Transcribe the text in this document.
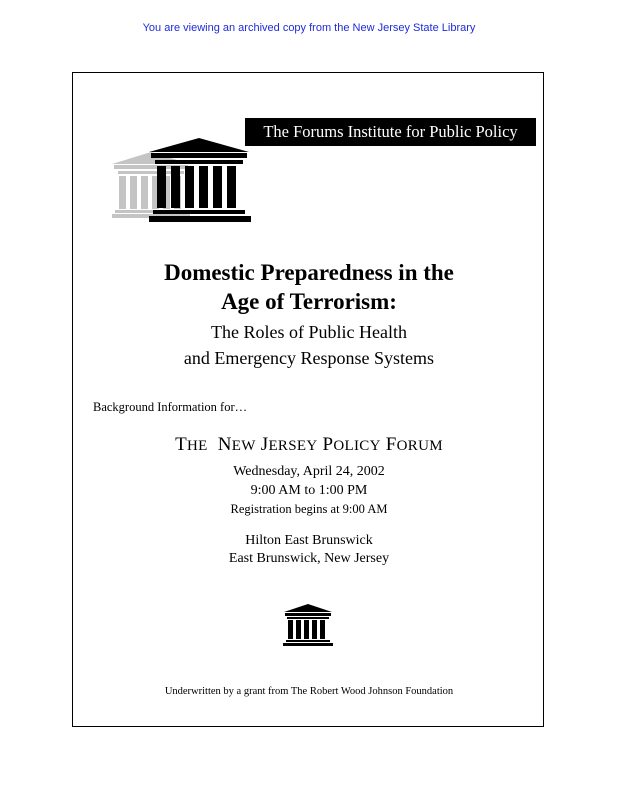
You are viewing an archived copy from the New Jersey State Library
The Forums Institute for Public Policy
Domestic Preparedness in the
Age of Terrorism:
The Roles of Public Health
and Emergency Response Systems
Background Information for…
THE NEW JERSEY POLICY FORUM
Wednesday, April 24, 2002
9:00 AM to 1:00 PM
Registration begins at 9:00 AM
Hilton East Brunswick
East Brunswick, New Jersey
Underwritten by a grant from The Robert Wood Johnson Foundation
